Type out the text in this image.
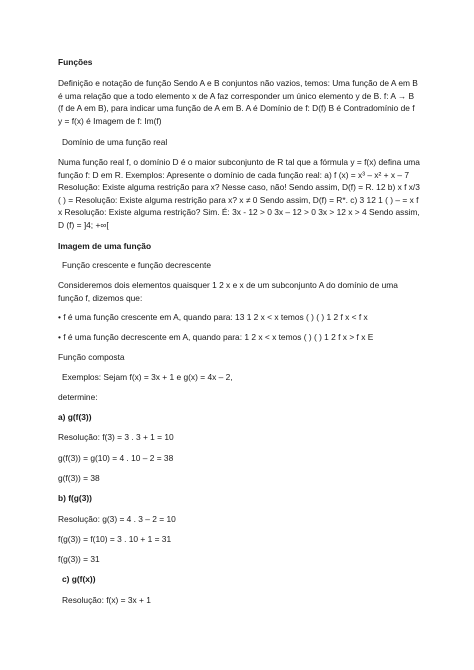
Funções

Definição e notação de função Sendo A e B conjuntos não vazios, temos: Uma função de A em B é uma relação que a todo elemento x de A faz corresponder um único elemento y de B. f: A → B (f de A em B), para indicar uma função de A em B. A é Domínio de f: D(f) B é Contradomínio de f y = f(x) é Imagem de f: Im(f)

Domínio de uma função real

Numa função real f, o domínio D é o maior subconjunto de R tal que a fórmula y = f(x) defina uma função f: D em R. Exemplos: Apresente o domínio de cada função real: a) f (x) = x³ – x² + x – 7 Resolução: Existe alguma restrição para x? Nesse caso, não! Sendo assim, D(f) = R. 12 b) x f x/3 ( ) = Resolução: Existe alguma restrição para x? x ≠ 0 Sendo assim, D(f) = R*. c) 3 12 1 ( ) – = x f x Resolução: Existe alguma restrição? Sim. É: 3x - 12 > 0 3x – 12 > 0 3x > 12 x > 4 Sendo assim, D (f) = ]4; +∞[

Imagem de uma função

Função crescente e função decrescente

Consideremos dois elementos quaisquer 1 2 x e x de um subconjunto A do domínio de uma função f, dizemos que:

• f é uma função crescente em A, quando para: 13 1 2 x < x temos ( ) ( ) 1 2 f x < f x

• f é uma função decrescente em A, quando para: 1 2 x < x temos ( ) ( ) 1 2 f x > f x E

Função composta

Exemplos: Sejam f(x) = 3x + 1 e g(x) = 4x – 2,

determine:

a) g(f(3))

Resolução: f(3) = 3 . 3 + 1 = 10

g(f(3)) = g(10) = 4 . 10 – 2 = 38

g(f(3)) = 38

b) f(g(3))

Resolução: g(3) = 4 . 3 – 2 = 10

f(g(3)) = f(10) = 3 . 10 + 1 = 31

f(g(3)) = 31

c) g(f(x))

Resolução: f(x) = 3x + 1
